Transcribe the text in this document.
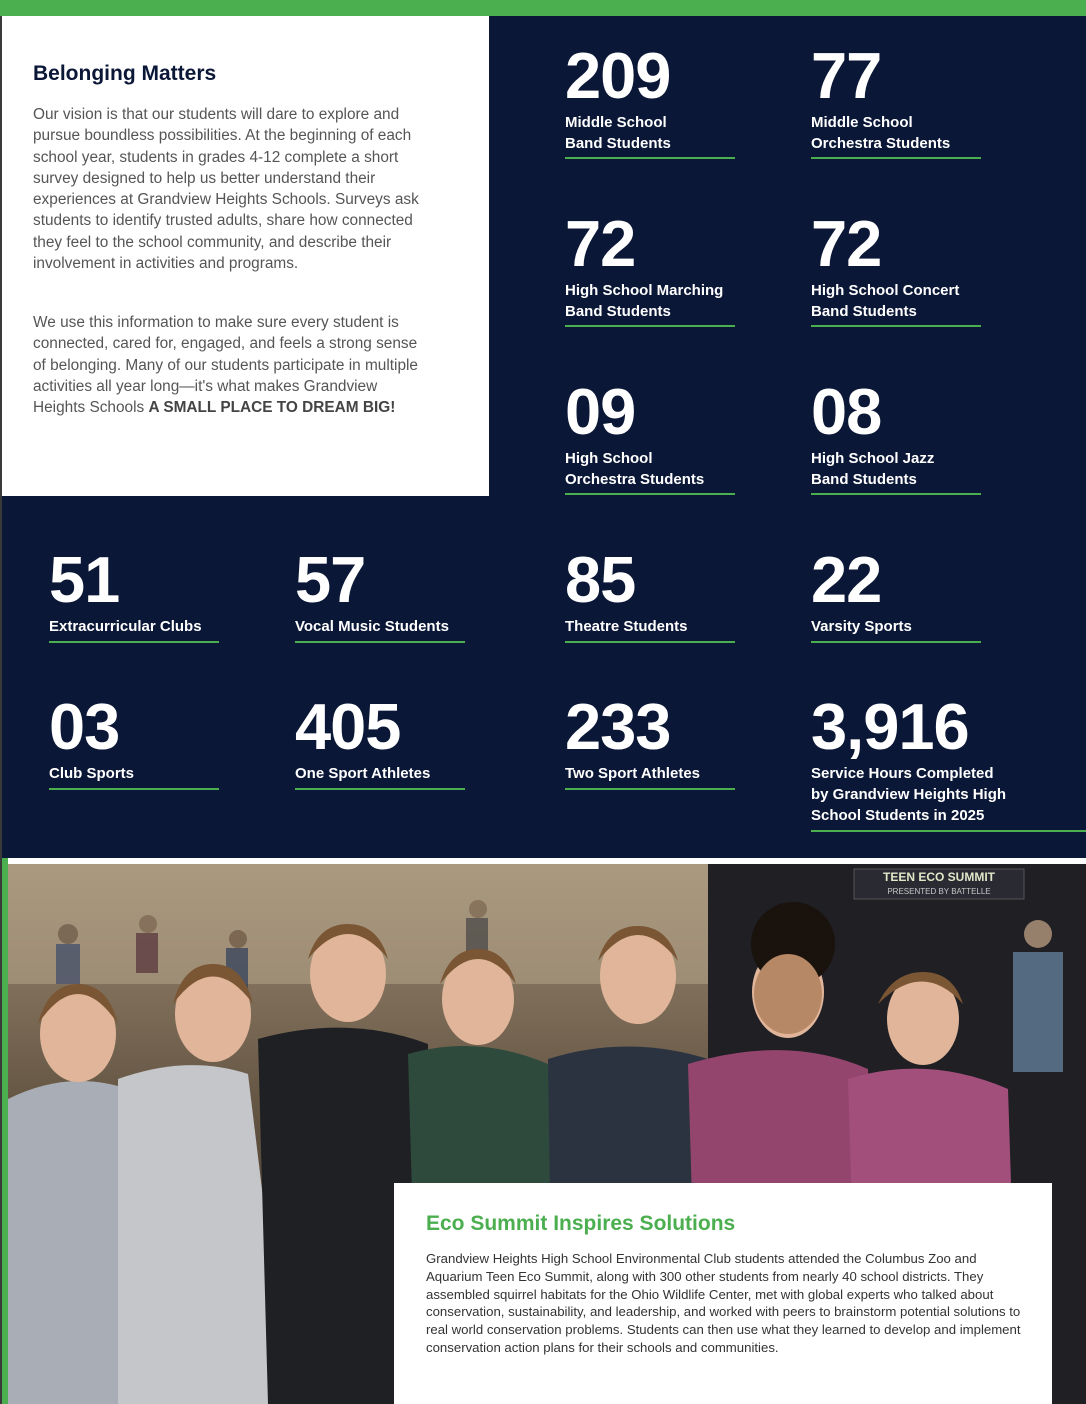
Belonging Matters

Our vision is that our students will dare to explore and pursue boundless possibilities. At the beginning of each school year, students in grades 4-12 complete a short survey designed to help us better understand their experiences at Grandview Heights Schools. Surveys ask students to identify trusted adults, share how connected they feel to the school community, and describe their involvement in activities and programs.

We use this information to make sure every student is connected, cared for, engaged, and feels a strong sense of belonging. Many of our students participate in multiple activities all year long—it's what makes Grandview Heights Schools A SMALL PLACE TO DREAM BIG!

209
Middle School
Band Students
77
Middle School
Orchestra Students
72
High School Marching
Band Students
72
High School Concert
Band Students
09
High School
Orchestra Students
08
High School Jazz
Band Students
51
Extracurricular Clubs
57
Vocal Music Students
85
Theatre Students
22
Varsity Sports
03
Club Sports
405
One Sport Athletes
233
Two Sport Athletes
3,916
Service Hours Completed
by Grandview Heights High
School Students in 2025
TEEN ECO SUMMIT
PRESENTED BY BATTELLE
Eco Summit Inspires Solutions

Grandview Heights High School Environmental Club students attended the Columbus Zoo and Aquarium Teen Eco Summit, along with 300 other students from nearly 40 school districts. They assembled squirrel habitats for the Ohio Wildlife Center, met with global experts who talked about conservation, sustainability, and leadership, and worked with peers to brainstorm potential solutions to real world conservation problems. Students can then use what they learned to develop and implement conservation action plans for their schools and communities.
